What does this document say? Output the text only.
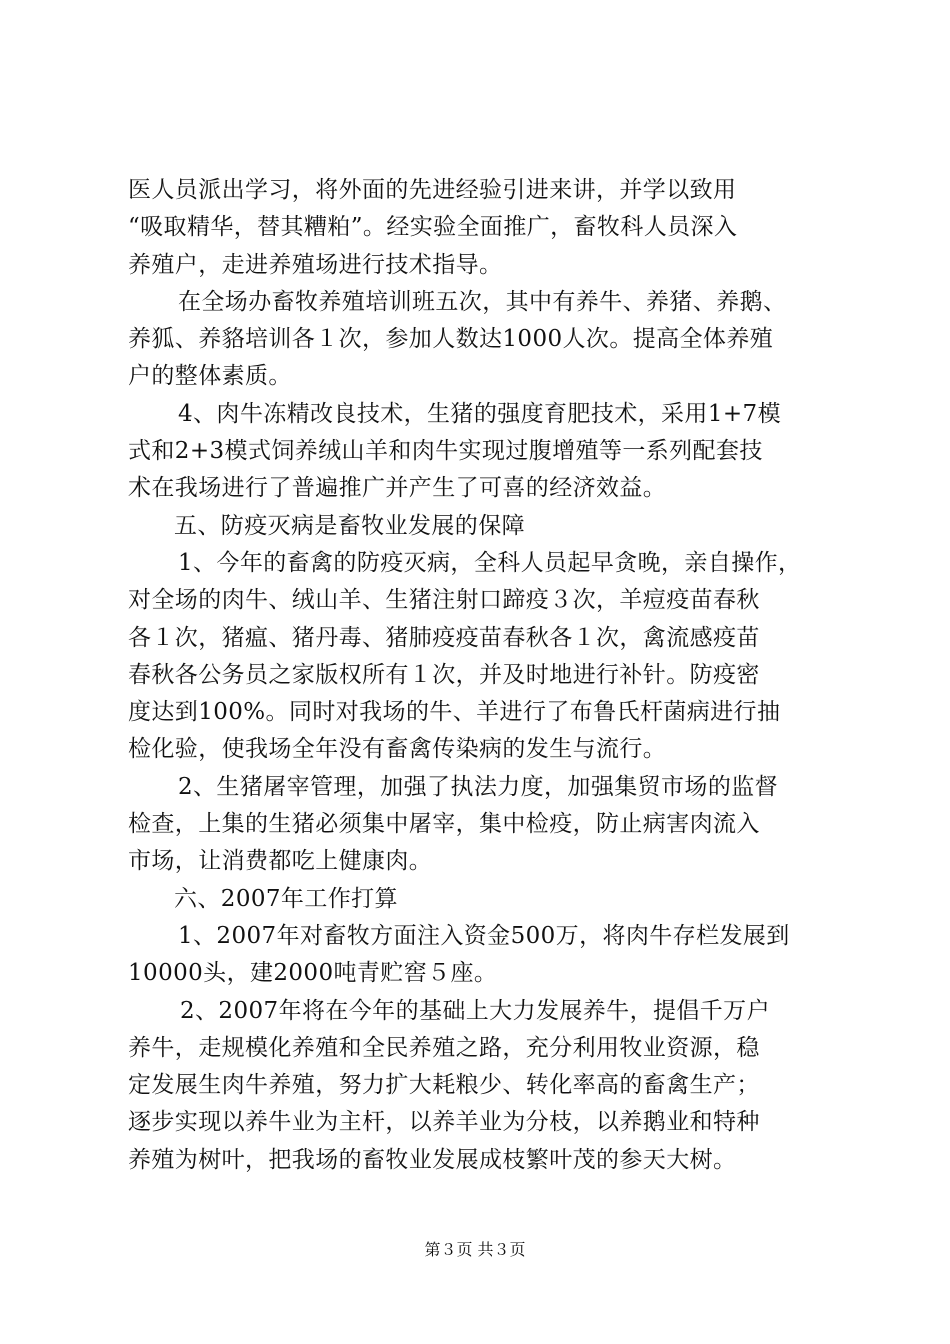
医人员派出学习，将外面的先进经验引进来讲，并学以致用
“吸取精华，替其糟粕”。经实验全面推广，畜牧科人员深入
养殖户，走进养殖场进行技术指导。
在全场办畜牧养殖培训班五次，其中有养牛、养猪、养鹅、
养狐、养貉培训各１次，参加人数达1000人次。提高全体养殖
户的整体素质。
4、肉牛冻精改良技术，生猪的强度育肥技术，采用1+7模
式和2+3模式饲养绒山羊和肉牛实现过腹增殖等一系列配套技
术在我场进行了普遍推广并产生了可喜的经济效益。
五、防疫灭病是畜牧业发展的保障
1、今年的畜禽的防疫灭病，全科人员起早贪晚，亲自操作，
对全场的肉牛、绒山羊、生猪注射口蹄疫３次，羊痘疫苗春秋
各１次，猪瘟、猪丹毒、猪肺疫疫苗春秋各１次，禽流感疫苗
春秋各公务员之家版权所有１次，并及时地进行补针。防疫密
度达到100%。同时对我场的牛、羊进行了布鲁氏杆菌病进行抽
检化验，使我场全年没有畜禽传染病的发生与流行。
2、生猪屠宰管理，加强了执法力度，加强集贸市场的监督
检查，上集的生猪必须集中屠宰，集中检疫，防止病害肉流入
市场，让消费都吃上健康肉。
六、2007年工作打算
1、2007年对畜牧方面注入资金500万，将肉牛存栏发展到
10000头，建2000吨青贮窖５座。
2、2007年将在今年的基础上大力发展养牛，提倡千万户
养牛，走规模化养殖和全民养殖之路，充分利用牧业资源，稳
定发展生肉牛养殖，努力扩大耗粮少、转化率高的畜禽生产；
逐步实现以养牛业为主杆，以养羊业为分枝，以养鹅业和特种
养殖为树叶，把我场的畜牧业发展成枝繁叶茂的参天大树。
第３页 共３页
